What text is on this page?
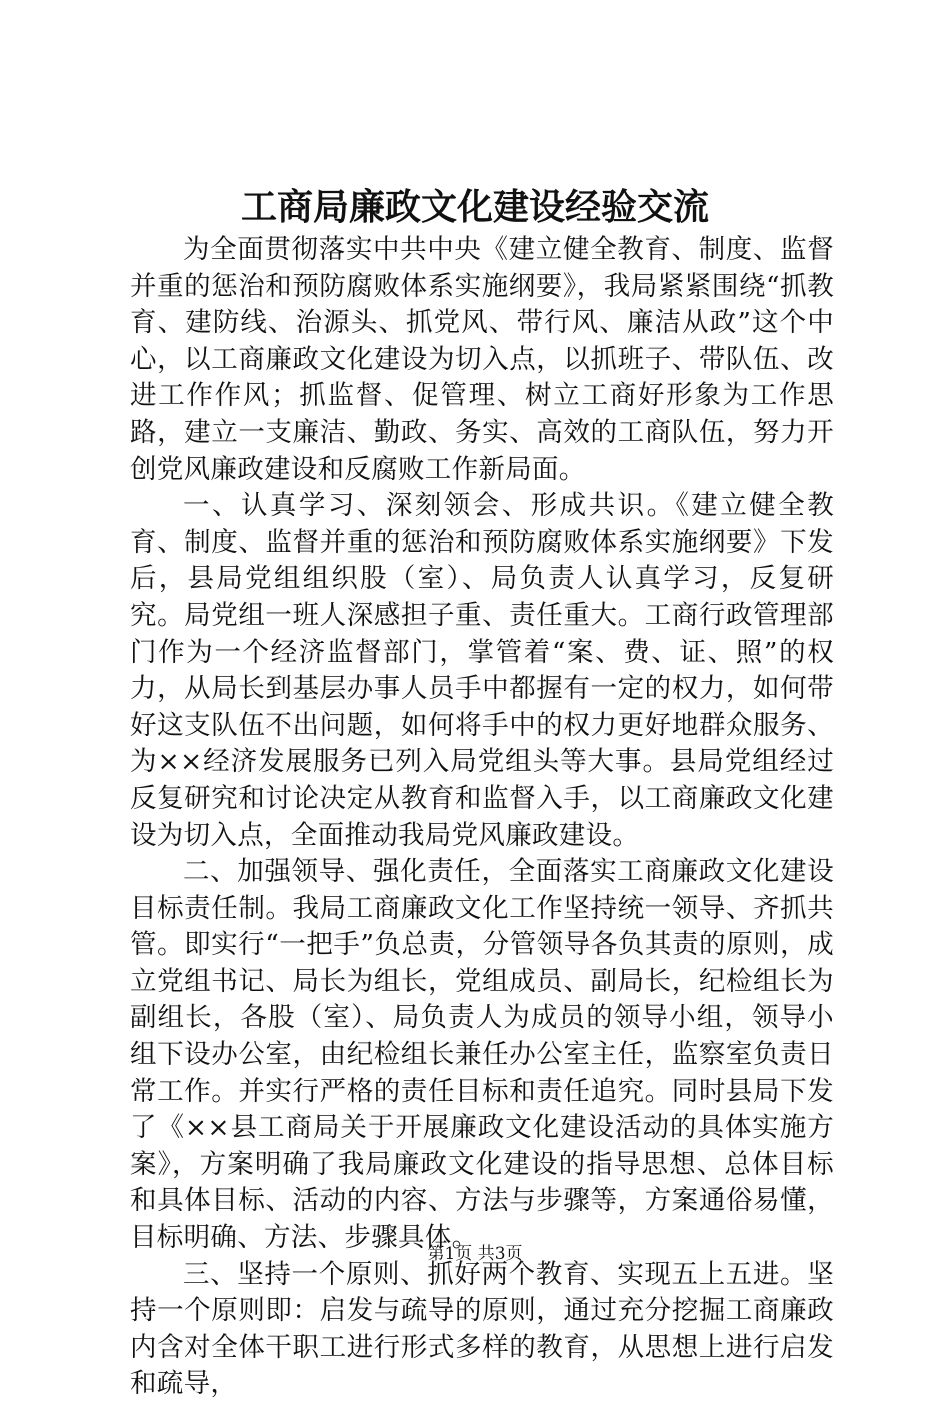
工商局廉政文化建设经验交流

为全面贯彻落实中共中央《建立健全教育、制度、监督并重的惩治和预防腐败体系实施纲要》，我局紧紧围绕“抓教育、建防线、治源头、抓党风、带行风、廉洁从政”这个中心，以工商廉政文化建设为切入点，以抓班子、带队伍、改进工作作风；抓监督、促管理、树立工商好形象为工作思路，建立一支廉洁、勤政、务实、高效的工商队伍，努力开创党风廉政建设和反腐败工作新局面。

一、认真学习、深刻领会、形成共识。《建立健全教育、制度、监督并重的惩治和预防腐败体系实施纲要》下发后，县局党组组织股（室）、局负责人认真学习，反复研究。局党组一班人深感担子重、责任重大。工商行政管理部门作为一个经济监督部门，掌管着“案、费、证、照”的权力，从局长到基层办事人员手中都握有一定的权力，如何带好这支队伍不出问题，如何将手中的权力更好地群众服务、为××经济发展服务已列入局党组头等大事。县局党组经过反复研究和讨论决定从教育和监督入手，以工商廉政文化建设为切入点，全面推动我局党风廉政建设。

二、加强领导、强化责任，全面落实工商廉政文化建设目标责任制。我局工商廉政文化工作坚持统一领导、齐抓共管。即实行“一把手”负总责，分管领导各负其责的原则，成立党组书记、局长为组长，党组成员、副局长，纪检组长为副组长，各股（室）、局负责人为成员的领导小组，领导小组下设办公室，由纪检组长兼任办公室主任，监察室负责日常工作。并实行严格的责任目标和责任追究。同时县局下发了《××县工商局关于开展廉政文化建设活动的具体实施方案》，方案明确了我局廉政文化建设的指导思想、总体目标和具体目标、活动的内容、方法与步骤等，方案通俗易懂，目标明确、方法、步骤具体。

三、坚持一个原则、抓好两个教育、实现五上五进。坚持一个原则即：启发与疏导的原则，通过充分挖掘工商廉政内含对全体干职工进行形式多样的教育，从思想上进行启发和疏导，

第1页 共3页
